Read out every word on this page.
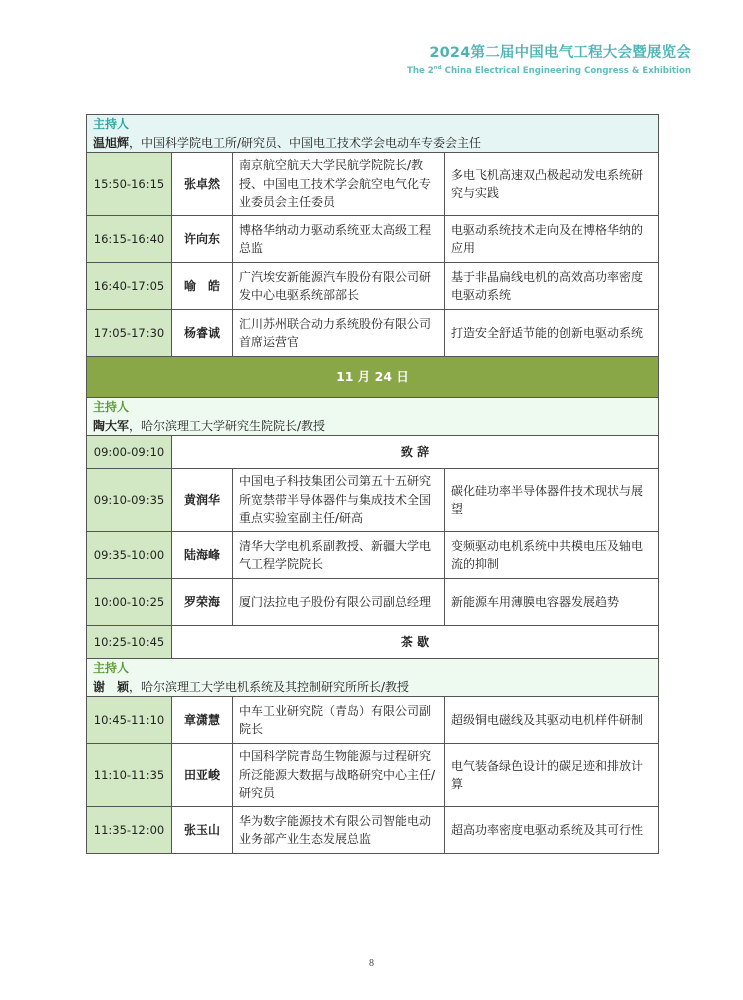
2024第二届中国电气工程大会暨展览会
The 2nd China Electrical Engineering Congress & Exhibition
主持人
温旭辉，中国科学院电工所/研究员、中国电工技术学会电动车专委会主任			

15:50-16:15	张卓然	南京航空航天大学民航学院院长/教授、中国电工技术学会航空电气化专业委员会主任委员	多电飞机高速双凸极起动发电系统研究与实践
16:15-16:40	许向东	博格华纳动力驱动系统亚太高级工程总监	电驱动系统技术走向及在博格华纳的应用
16:40-17:05	喻　皓	广汽埃安新能源汽车股份有限公司研发中心电驱系统部部长	基于非晶扁线电机的高效高功率密度电驱动系统
17:05-17:30	杨睿诚	汇川苏州联合动力系统股份有限公司首席运营官	打造安全舒适节能的创新电驱动系统
11 月 24 日			

主持人
陶大军，哈尔滨理工大学研究生院院长/教授			

09:00-09:10	致 辞		
09:10-09:35	黄润华	中国电子科技集团公司第五十五研究所宽禁带半导体器件与集成技术全国重点实验室副主任/研高	碳化硅功率半导体器件技术现状与展望
09:35-10:00	陆海峰	清华大学电机系副教授、新疆大学电气工程学院院长	变频驱动电机系统中共模电压及轴电流的抑制
10:00-10:25	罗荣海	厦门法拉电子股份有限公司副总经理	新能源车用薄膜电容器发展趋势
10:25-10:45	茶 歇		

主持人
谢　颖，哈尔滨理工大学电机系统及其控制研究所所长/教授			

10:45-11:10	章潇慧	中车工业研究院（青岛）有限公司副院长	超级铜电磁线及其驱动电机样件研制
11:10-11:35	田亚峻	中国科学院青岛生物能源与过程研究所泛能源大数据与战略研究中心主任/研究员	电气装备绿色设计的碳足迹和排放计算
11:35-12:00	张玉山	华为数字能源技术有限公司智能电动业务部产业生态发展总监	超高功率密度电驱动系统及其可行性
8
